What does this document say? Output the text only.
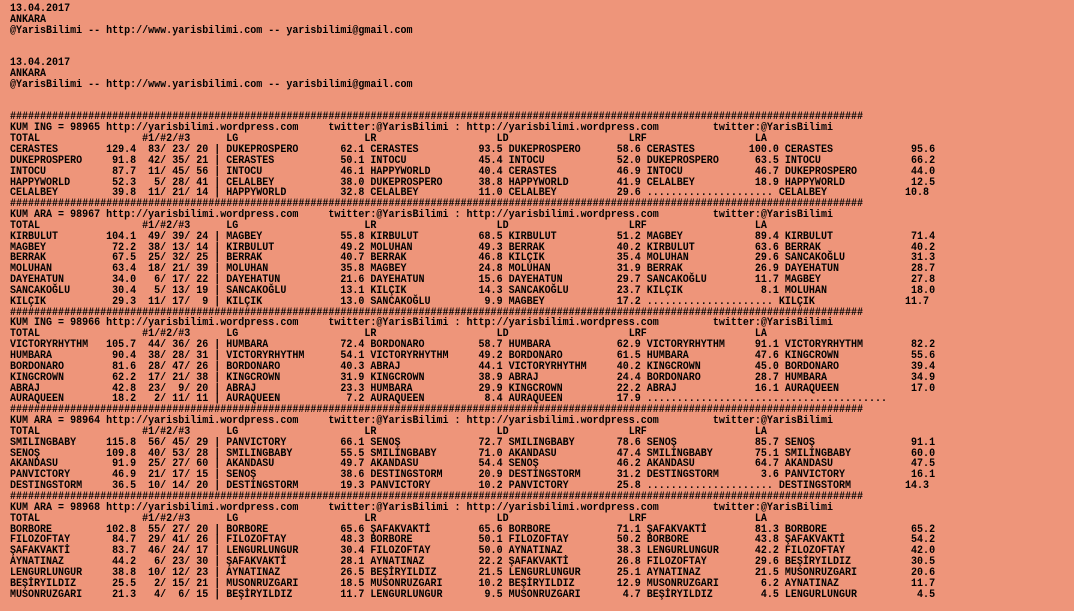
13.04.2017
ANKARA
@YarisBilimi -- http://www.yarisbilimi.com -- yarisbilimi@gmail.com
13.04.2017
ANKARA
@YarisBilimi -- http://www.yarisbilimi.com -- yarisbilimi@gmail.com
##############################################################################################################################################
KUM ING = 98965 http://yarisbilimi.wordpress.com     twitter:@YarisBilimi : http://yarisbilimi.wordpress.com         twitter:@YarisBilimi
TOTAL                 #1/#2/#3      LG                     LR                    LD                    LRF                  LA
CERASTES        129.4  83/ 23/ 20 | DUKEPROSPERO       62.1 CERASTES          93.5 DUKEPROSPERO      58.6 CERASTES         100.0 CERASTES             95.6
DUKEPROSPERO     91.8  42/ 35/ 21 | CERASTES           50.1 INTOCU            45.4 INTOCU            52.0 DUKEPROSPERO      63.5 INTOCU               66.2
INTOCU           87.7  11/ 45/ 56 | INTOCU             46.1 HAPPYWORLD        40.4 CERASTES          46.9 INTOCU            46.7 DUKEPROSPERO         44.0
HAPPYWORLD       52.3   5/ 28/ 41 | CELALBEY           38.0 DUKEPROSPERO      38.8 HAPPYWORLD        41.9 CELALBEY          18.9 HAPPYWORLD           12.5
CELALBEY         39.8  11/ 21/ 14 | HAPPYWORLD         32.8 CELALBEY          11.0 CELALBEY          29.6 ..................... CELALBEY             10.8
##############################################################################################################################################
KUM ARA = 98967 http://yarisbilimi.wordpress.com     twitter:@YarisBilimi : http://yarisbilimi.wordpress.com         twitter:@YarisBilimi
TOTAL                 #1/#2/#3      LG                     LR                    LD                    LRF                  LA
KIRBULUT        104.1  49/ 39/ 24 | MAGBEY             55.8 KIRBULUT          68.5 KIRBULUT          51.2 MAGBEY            89.4 KIRBULUT             71.4
MAGBEY           72.2  38/ 13/ 14 | KIRBULUT           49.2 MOLUHAN           49.3 BERRAK            40.2 KIRBULUT          63.6 BERRAK               40.2
BERRAK           67.5  25/ 32/ 25 | BERRAK             40.7 BERRAK            46.8 KILÇIK            35.4 MOLUHAN           29.6 SANCAKOĞLU           31.3
MOLUHAN          63.4  18/ 21/ 39 | MOLUHAN            35.8 MAGBEY            24.8 MOLUHAN           31.9 BERRAK            26.9 DAYEHATUN            28.7
DAYEHATUN        34.0   6/ 17/ 22 | DAYEHATUN          21.6 DAYEHATUN         15.6 DAYEHATUN         29.7 SANCAKOĞLU        11.7 MAGBEY               27.8
SANCAKOĞLU       30.4   5/ 13/ 19 | SANCAKOĞLU         13.1 KILÇIK            14.3 SANCAKOĞLU        23.7 KILÇIK             8.1 MOLUHAN              18.0
KILÇIK           29.3  11/ 17/  9 | KILÇIK             13.0 SANCAKOĞLU         9.9 MAGBEY            17.2 ..................... KILÇIK               11.7
##############################################################################################################################################
KUM ING = 98966 http://yarisbilimi.wordpress.com     twitter:@YarisBilimi : http://yarisbilimi.wordpress.com         twitter:@YarisBilimi
TOTAL                 #1/#2/#3      LG                     LR                    LD                    LRF                  LA
VICTORYRHYTHM   105.7  44/ 36/ 26 | HUMBARA            72.4 BORDONARO         58.7 HUMBARA           62.9 VICTORYRHYTHM     91.1 VICTORYRHYTHM        82.2
HUMBARA          90.4  38/ 28/ 31 | VICTORYRHYTHM      54.1 VICTORYRHYTHM     49.2 BORDONARO         61.5 HUMBARA           47.6 KINGCROWN            55.6
BORDONARO        81.6  28/ 47/ 26 | BORDONARO          40.3 ABRAJ             44.1 VICTORYRHYTHM     40.2 KINGCROWN         45.0 BORDONARO            39.4
KINGCROWN        62.2  17/ 21/ 38 | KINGCROWN          31.9 KINGCROWN         38.9 ABRAJ             24.4 BORDONARO         28.7 HUMBARA              34.9
ABRAJ            42.8  23/  9/ 20 | ABRAJ              23.3 HUMBARA           29.9 KINGCROWN         22.2 ABRAJ             16.1 AURAQUEEN            17.0
AURAQUEEN        18.2   2/ 11/ 11 | AURAQUEEN           7.2 AURAQUEEN          8.4 AURAQUEEN         17.9 ........................................
##############################################################################################################################################
KUM ARA = 98964 http://yarisbilimi.wordpress.com     twitter:@YarisBilimi : http://yarisbilimi.wordpress.com         twitter:@YarisBilimi
TOTAL                 #1/#2/#3      LG                     LR                    LD                    LRF                  LA
SMILINGBABY     115.8  56/ 45/ 29 | PANVICTORY         66.1 SENOŞ             72.7 SMILINGBABY       78.6 SENOŞ             85.7 SENOŞ                91.1
SENOŞ           109.8  40/ 53/ 28 | SMILINGBABY        55.5 SMILINGBABY       71.0 AKANDASU          47.4 SMILINGBABY       75.1 SMILINGBABY          60.0
AKANDASU         91.9  25/ 27/ 60 | AKANDASU           49.7 AKANDASU          54.4 SENOŞ             46.2 AKANDASU          64.7 AKANDASU             47.5
PANVICTORY       46.9  21/ 17/ 15 | SENOŞ              38.6 DESTINGSTORM      20.9 DESTINGSTORM      31.2 DESTINGSTORM       3.6 PANVICTORY           16.1
DESTINGSTORM     36.5  10/ 14/ 20 | DESTINGSTORM       19.3 PANVICTORY        10.2 PANVICTORY        25.8 ..................... DESTINGSTORM         14.3
##############################################################################################################################################
KUM ARA = 98968 http://yarisbilimi.wordpress.com     twitter:@YarisBilimi : http://yarisbilimi.wordpress.com         twitter:@YarisBilimi
TOTAL                 #1/#2/#3      LG                     LR                    LD                    LRF                  LA
BORBORE         102.8  55/ 27/ 20 | BORBORE            65.6 ŞAFAKVAKTİ        65.6 BORBORE           71.1 ŞAFAKVAKTİ        81.3 BORBORE              65.2
FILOZOFTAY       84.7  29/ 41/ 26 | FILOZOFTAY         48.3 BORBORE           50.1 FILOZOFTAY        50.2 BORBORE           43.8 ŞAFAKVAKTİ           54.2
ŞAFAKVAKTİ       83.7  46/ 24/ 17 | LENGURLUNGUR       30.4 FILOZOFTAY        50.0 AYNATINAZ         38.3 LENGURLUNGUR      42.2 FILOZOFTAY           42.0
AYNATINAZ        44.2   6/ 23/ 30 | ŞAFAKVAKTİ         28.1 AYNATINAZ         22.2 ŞAFAKVAKTİ        26.8 FILOZOFTAY        29.6 BEŞİRYILDIZ          30.5
LENGURLUNGUR     38.8  10/ 12/ 23 | AYNATINAZ          26.5 BEŞİRYILDIZ       21.5 LENGURLUNGUR      25.1 AYNATINAZ         21.5 MUSONRUZGARI         20.6
BEŞİRYILDIZ      25.5   2/ 15/ 21 | MUSONRUZGARI       18.5 MUSONRUZGARI      10.2 BEŞİRYILDIZ       12.9 MUSONRUZGARI       6.2 AYNATINAZ            11.7
MUSONRUZGARI     21.3   4/  6/ 15 | BEŞİRYILDIZ        11.7 LENGURLUNGUR       9.5 MUSONRUZGARI       4.7 BEŞİRYILDIZ        4.5 LENGURLUNGUR          4.5
